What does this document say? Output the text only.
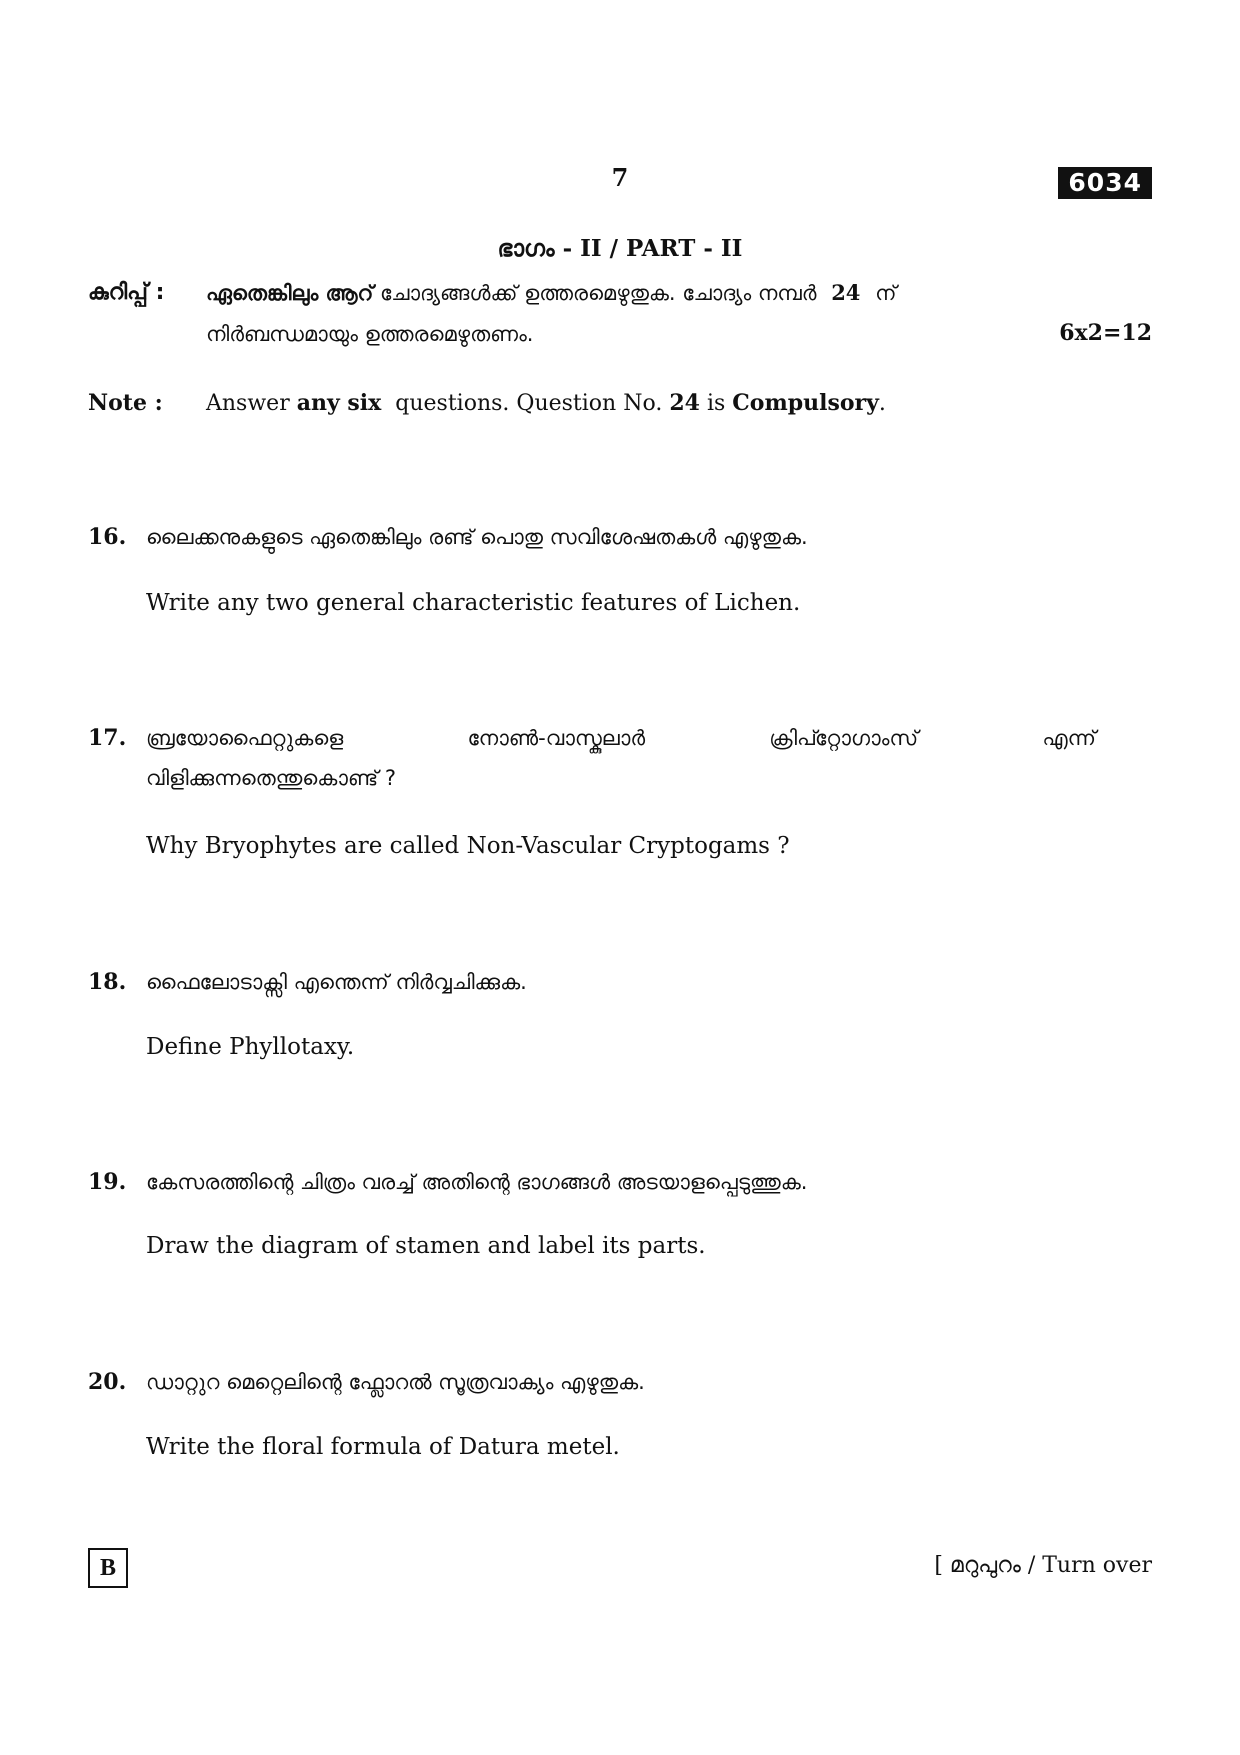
7	6034
ഭാഗം - II / PART - II
കുറിപ്പ് : ഏതെങ്കിലും ആറ് ചോദ്യങ്ങൾക്ക് ഉത്തരമെഴുതുക. ചോദ്യം നമ്പർ 24 ന്
നിർബന്ധമായും ഉത്തരമെഴുതണം.	6x2=12
Note : Answer any six questions. Question No. 24 is Compulsory.
16. ലൈക്കനുകളുടെ ഏതെങ്കിലും രണ്ട് പൊതു സവിശേഷതകൾ എഴുതുക.
Write any two general characteristic features of Lichen.
17. ബ്രയോഫൈറ്റുകളെ	നോൺ-വാസ്കുലാർ	ക്രിപ്റ്റോഗാംസ്	എന്ന്
വിളിക്കുന്നതെന്തുകൊണ്ട് ?
Why Bryophytes are called Non-Vascular Cryptogams ?
18. ഫൈലോടാക്സി എന്തെന്ന് നിർവ്വചിക്കുക.
Define Phyllotaxy.
19. കേസരത്തിന്റെ ചിത്രം വരച്ച് അതിന്റെ ഭാഗങ്ങൾ അടയാളപ്പെടുത്തുക.
Draw the diagram of stamen and label its parts.
20. ഡാറ്റുറ മെറ്റെലിന്റെ ഫ്ലോറൽ സൂത്രവാക്യം എഴുതുക.
Write the floral formula of Datura metel.
B	[ മറുപുറം / Turn over
